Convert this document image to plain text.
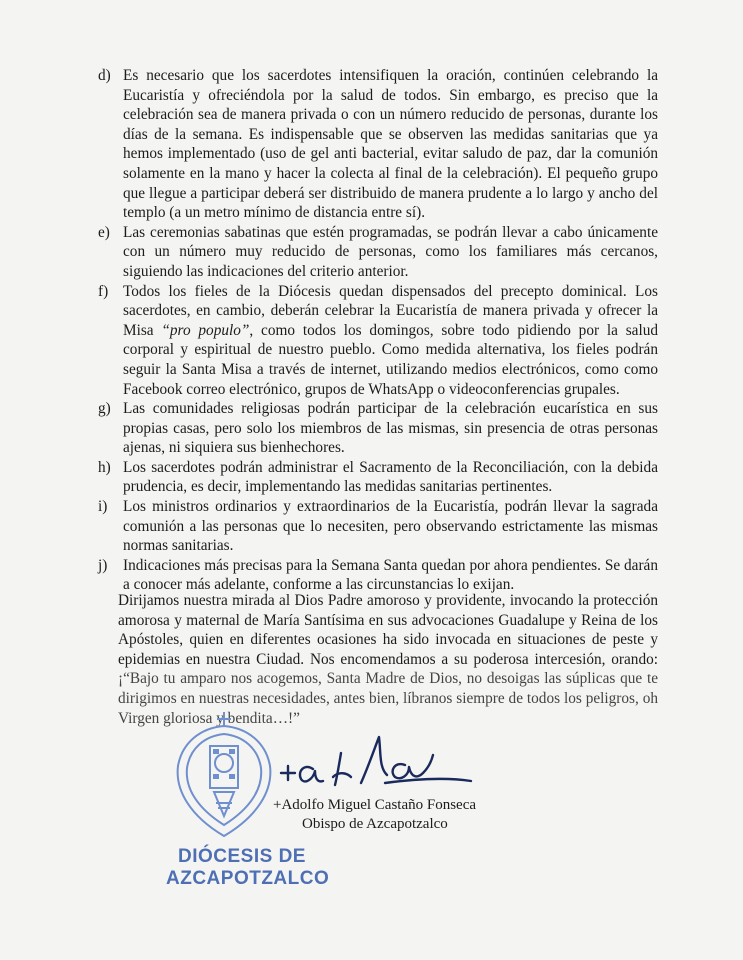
d) Es necesario que los sacerdotes intensifiquen la oración, continúen celebrando la Eucaristía y ofreciéndola por la salud de todos. Sin embargo, es preciso que la celebración sea de manera privada o con un número reducido de personas, durante los días de la semana. Es indispensable que se observen las medidas sanitarias que ya hemos implementado (uso de gel anti bacterial, evitar saludo de paz, dar la comunión solamente en la mano y hacer la colecta al final de la celebración). El pequeño grupo que llegue a participar deberá ser distribuido de manera prudente a lo largo y ancho del templo (a un metro mínimo de distancia entre sí).
e) Las ceremonias sabatinas que estén programadas, se podrán llevar a cabo únicamente con un número muy reducido de personas, como los familiares más cercanos, siguiendo las indicaciones del criterio anterior.
f) Todos los fieles de la Diócesis quedan dispensados del precepto dominical. Los sacerdotes, en cambio, deberán celebrar la Eucaristía de manera privada y ofrecer la Misa “pro populo”, como todos los domingos, sobre todo pidiendo por la salud corporal y espiritual de nuestro pueblo. Como medida alternativa, los fieles podrán seguir la Santa Misa a través de internet, utilizando medios electrónicos, como como Facebook correo electrónico, grupos de WhatsApp o videoconferencias grupales.
g) Las comunidades religiosas podrán participar de la celebración eucarística en sus propias casas, pero solo los miembros de las mismas, sin presencia de otras personas ajenas, ni siquiera sus bienhechores.
h) Los sacerdotes podrán administrar el Sacramento de la Reconciliación, con la debida prudencia, es decir, implementando las medidas sanitarias pertinentes.
i)	Los ministros ordinarios y extraordinarios de la Eucaristía, podrán llevar la sagrada comunión a las personas que lo necesiten, pero observando estrictamente las mismas normas sanitarias.
j)	Indicaciones más precisas para la Semana Santa quedan por ahora pendientes. Se darán a conocer más adelante, conforme a las circunstancias lo exijan.

Dirijamos nuestra mirada al Dios Padre amoroso y providente, invocando la protección amorosa y maternal de María Santísima en sus advocaciones Guadalupe y Reina de los Apóstoles, quien en diferentes ocasiones ha sido invocada en situaciones de peste y epidemias en nuestra Ciudad. Nos encomendamos a su poderosa intercesión, orando: ¡“Bajo tu amparo nos acogemos, Santa Madre de Dios, no desoigas las súplicas que te dirigimos en nuestras necesidades, antes bien, líbranos siempre de todos los peligros, oh Virgen gloriosa y bendita…!”

DIÓCESIS DE
AZCAPOTZALCO
+Adolfo Miguel Castaño Fonseca
Obispo de Azcapotzalco
